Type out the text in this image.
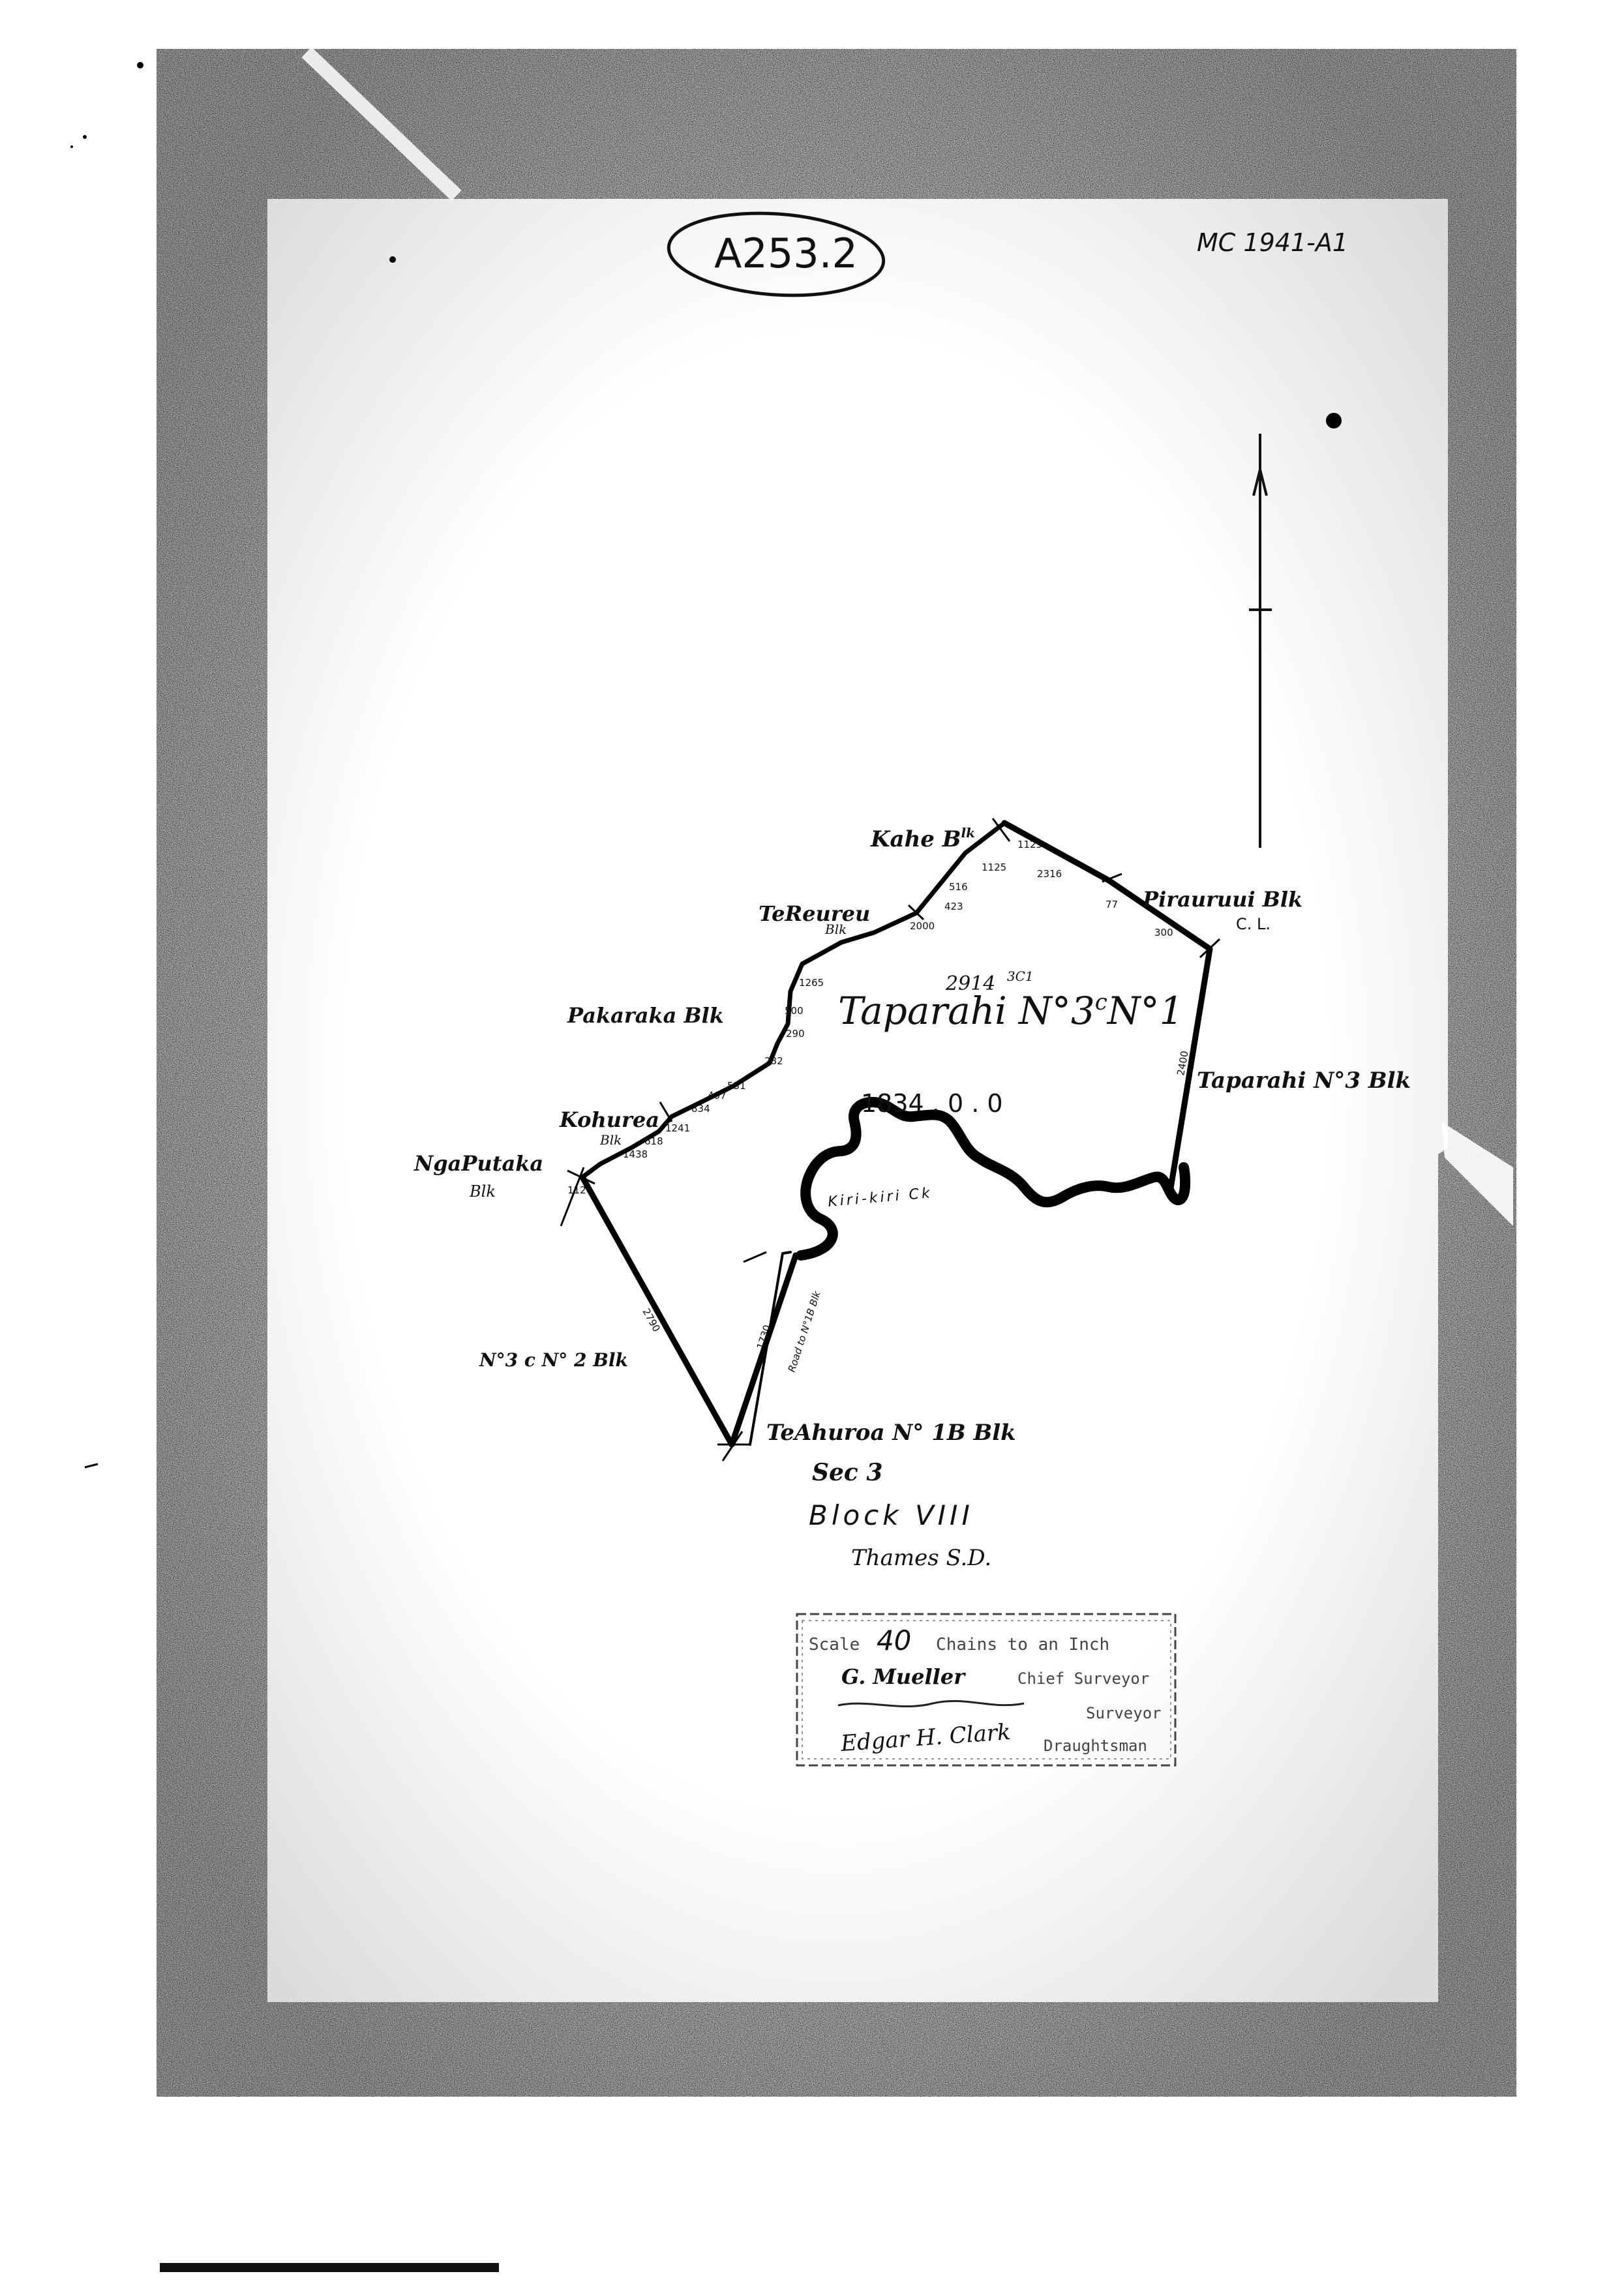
A253.2	MC 1941-A1
1125
1125
2316
516
423
2000
1265
500
290
282
531
407
834
1241
618
1438
1126
77
300
2400
2790
1730 Road to N°1B Blk
2914 $^{3C1}$
Taparahi N°3$^c$N°1
1834 . 0 . 0
Kahe $B^{lk}$
TeReureu
Blk
Pirauruui Blk
C. L.
Pakaraka Blk
Kohurea
Blk
NgaPutaka
Blk
Taparahi N°3 Blk
N°3 c N° 2 Blk
TeAhuroa N° 1B Blk
Kiri-kiri Ck
Sec 3
Block VIII
Thames S.D.
Scale 40 Chains to an Inch
G. Mueller	Chief Surveyor
Surveyor
Edgar H. Clark Draughtsman
